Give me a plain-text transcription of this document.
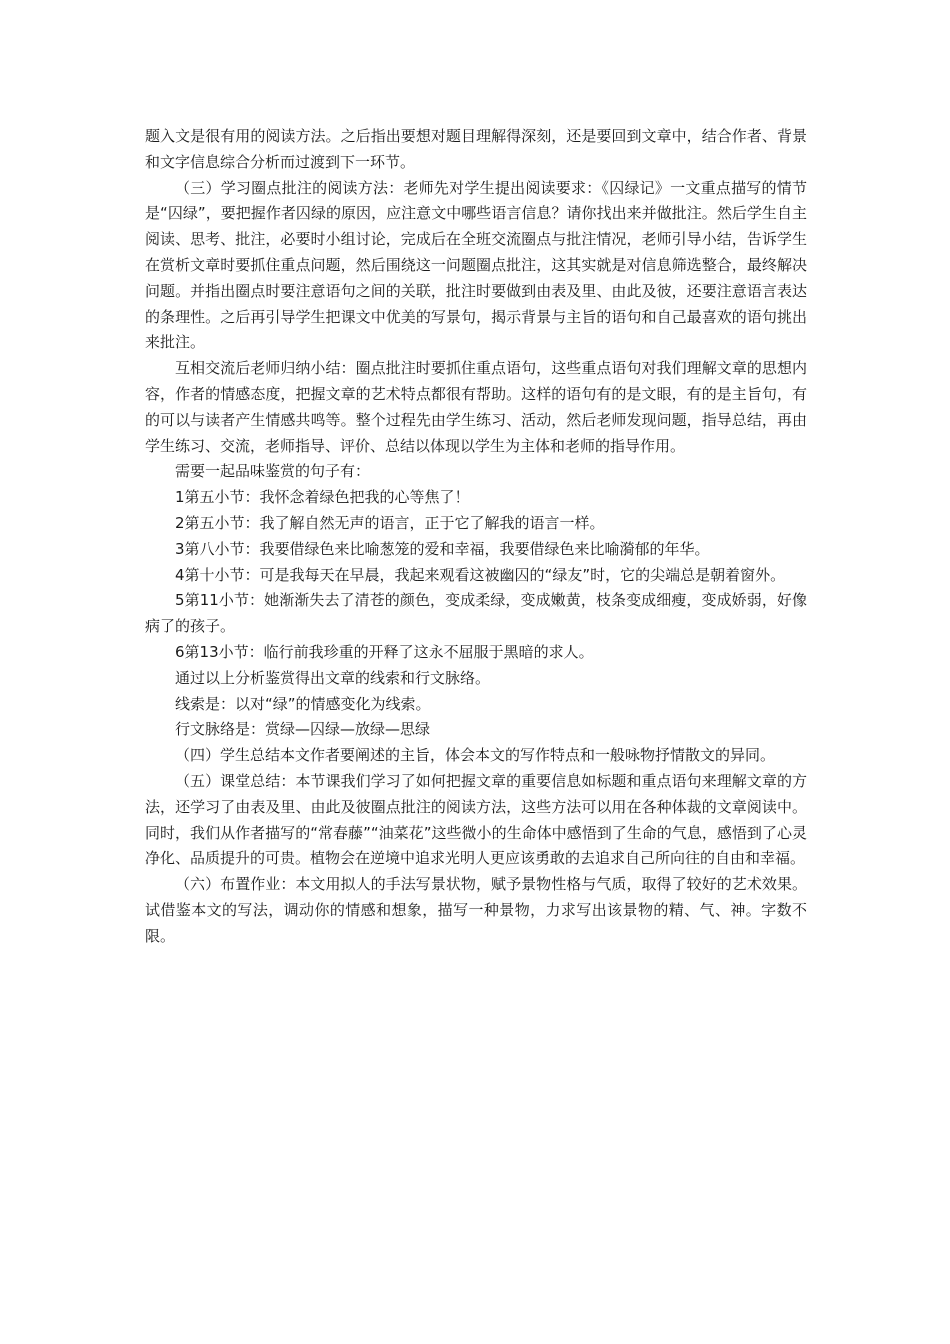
题入文是很有用的阅读方法。之后指出要想对题目理解得深刻，还是要回到文章中，结合作者、背景和文字信息综合分析而过渡到下一环节。

（三）学习圈点批注的阅读方法：老师先对学生提出阅读要求：《囚绿记》一文重点描写的情节是“囚绿”，要把握作者囚绿的原因，应注意文中哪些语言信息？请你找出来并做批注。然后学生自主阅读、思考、批注，必要时小组讨论，完成后在全班交流圈点与批注情况，老师引导小结，告诉学生在赏析文章时要抓住重点问题，然后围绕这一问题圈点批注，这其实就是对信息筛选整合，最终解决问题。并指出圈点时要注意语句之间的关联，批注时要做到由表及里、由此及彼，还要注意语言表达的条理性。之后再引导学生把课文中优美的写景句，揭示背景与主旨的语句和自己最喜欢的语句挑出来批注。

互相交流后老师归纳小结：圈点批注时要抓住重点语句，这些重点语句对我们理解文章的思想内容，作者的情感态度，把握文章的艺术特点都很有帮助。这样的语句有的是文眼，有的是主旨句，有的可以与读者产生情感共鸣等。整个过程先由学生练习、活动，然后老师发现问题，指导总结，再由学生练习、交流，老师指导、评价、总结以体现以学生为主体和老师的指导作用。

需要一起品味鉴赏的句子有：

1第五小节：我怀念着绿色把我的心等焦了！

2第五小节：我了解自然无声的语言，正于它了解我的语言一样。

3第八小节：我要借绿色来比喻葱笼的爱和幸福，我要借绿色来比喻漪郁的年华。

4第十小节：可是我每天在早晨，我起来观看这被幽囚的“绿友”时，它的尖端总是朝着窗外。

5第11小节：她渐渐失去了清苍的颜色，变成柔绿，变成嫩黄，枝条变成细瘦，变成娇弱，好像病了的孩子。

6第13小节：临行前我珍重的开释了这永不屈服于黑暗的求人。

通过以上分析鉴赏得出文章的线索和行文脉络。

线索是：以对“绿”的情感变化为线索。

行文脉络是：赏绿—囚绿—放绿—思绿

（四）学生总结本文作者要阐述的主旨，体会本文的写作特点和一般咏物抒情散文的异同。

（五）课堂总结：本节课我们学习了如何把握文章的重要信息如标题和重点语句来理解文章的方法，还学习了由表及里、由此及彼圈点批注的阅读方法，这些方法可以用在各种体裁的文章阅读中。同时，我们从作者描写的“常春藤”“油菜花”这些微小的生命体中感悟到了生命的气息，感悟到了心灵净化、品质提升的可贵。植物会在逆境中追求光明人更应该勇敢的去追求自己所向往的自由和幸福。

（六）布置作业：本文用拟人的手法写景状物，赋予景物性格与气质，取得了较好的艺术效果。试借鉴本文的写法，调动你的情感和想象，描写一种景物，力求写出该景物的精、气、神。字数不限。
